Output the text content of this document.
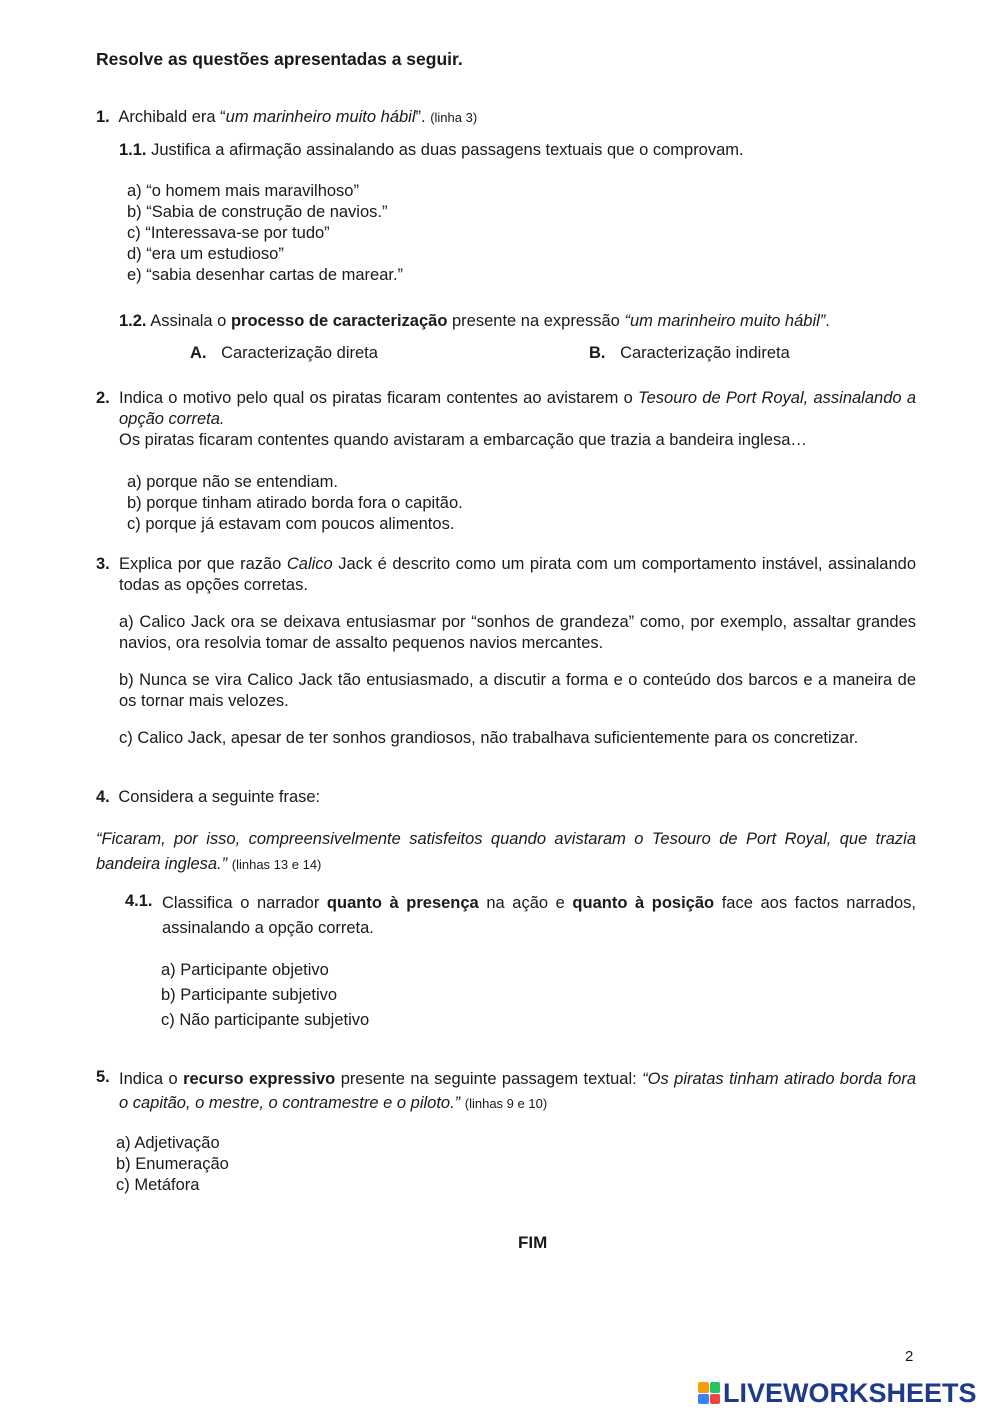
Resolve as questões apresentadas a seguir.
1. Archibald era “um marinheiro muito hábil”. (linha 3)
1.1. Justifica a afirmação assinalando as duas passagens textuais que o comprovam.
a) “o homem mais maravilhoso”
b) “Sabia de construção de navios.”
c) “Interessava-se por tudo”
d) “era um estudioso”
e) “sabia desenhar cartas de marear.”
1.2. Assinala o processo de caracterização presente na expressão “um marinheiro muito hábil”.
A. Caracterização direta	B. Caracterização indireta
2. Indica o motivo pelo qual os piratas ficaram contentes ao avistarem o Tesouro de Port Royal, assinalando a opção correta.
Os piratas ficaram contentes quando avistaram a embarcação que trazia a bandeira inglesa…
a) porque não se entendiam.
b) porque tinham atirado borda fora o capitão.
c) porque já estavam com poucos alimentos.
3. Explica por que razão Calico Jack é descrito como um pirata com um comportamento instável, assinalando todas as opções corretas.
a) Calico Jack ora se deixava entusiasmar por “sonhos de grandeza” como, por exemplo, assaltar grandes navios, ora resolvia tomar de assalto pequenos navios mercantes.
b) Nunca se vira Calico Jack tão entusiasmado, a discutir a forma e o conteúdo dos barcos e a maneira de os tornar mais velozes.
c) Calico Jack, apesar de ter sonhos grandiosos, não trabalhava suficientemente para os concretizar.
4. Considera a seguinte frase:
“Ficaram, por isso, compreensivelmente satisfeitos quando avistaram o Tesouro de Port Royal, que trazia bandeira inglesa.” (linhas 13 e 14)
4.1. Classifica o narrador quanto à presença na ação e quanto à posição face aos factos narrados, assinalando a opção correta.
a) Participante objetivo
b) Participante subjetivo
c) Não participante subjetivo
5. Indica o recurso expressivo presente na seguinte passagem textual: “Os piratas tinham atirado borda fora o capitão, o mestre, o contramestre e o piloto.” (linhas 9 e 10)
a) Adjetivação
b) Enumeração
c) Metáfora
FIM
2
LIVEWORKSHEETS
